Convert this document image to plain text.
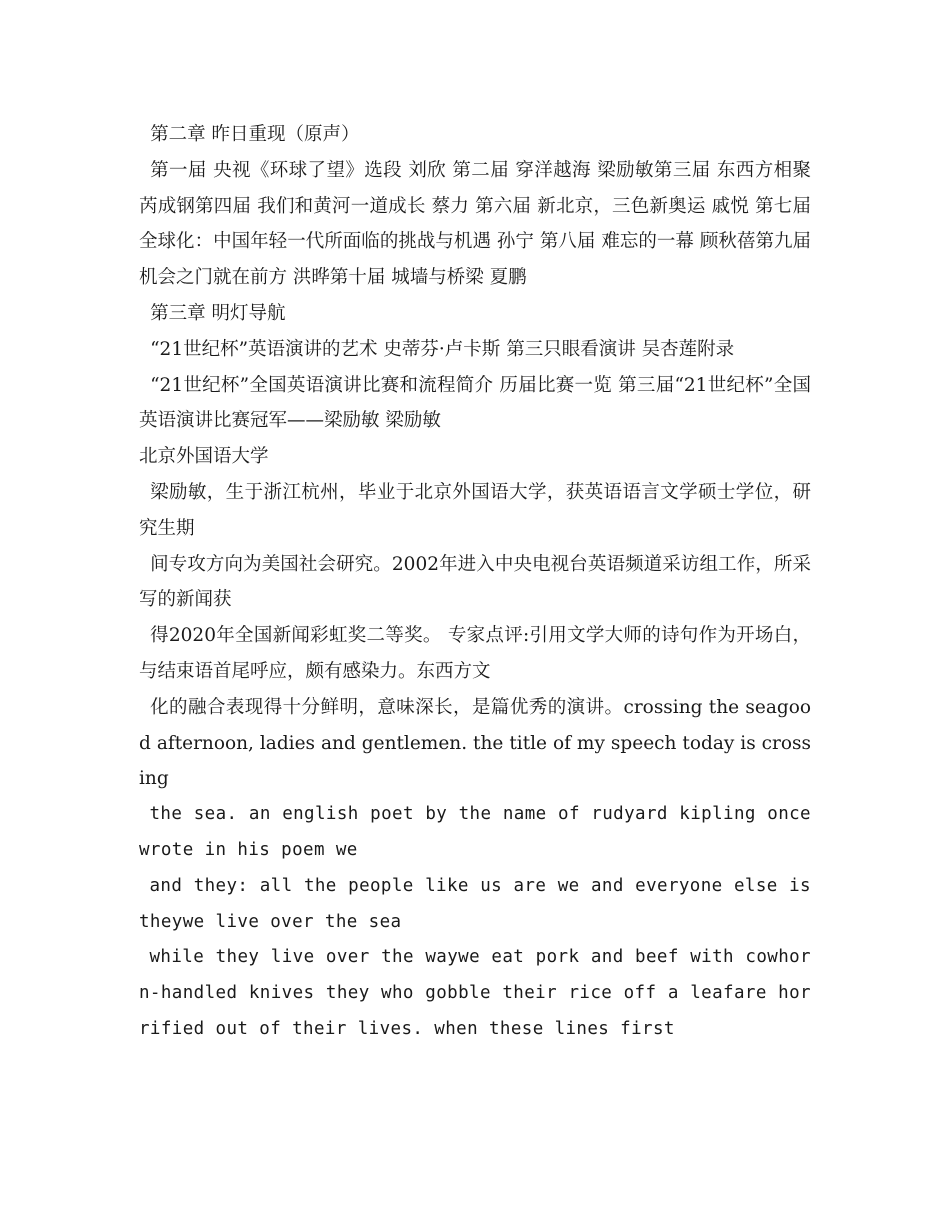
第二章 昨日重现（原声）

第一届 央视《环球了望》选段 刘欣 第二届 穿洋越海 梁励敏第三届 东西方相聚 芮成钢第四届 我们和黄河一道成长 蔡力 第六届 新北京，三色新奥运 戚悦 第七届 全球化：中国年轻一代所面临的挑战与机遇 孙宁 第八届 难忘的一幕 顾秋蓓第九届 机会之门就在前方 洪晔第十届 城墙与桥梁 夏鹏

第三章 明灯导航

“21世纪杯”英语演讲的艺术 史蒂芬·卢卡斯 第三只眼看演讲 吴杏莲附录

“21世纪杯”全国英语演讲比赛和流程简介 历届比赛一览 第三届“21世纪杯”全国英语演讲比赛冠军——梁励敏 梁励敏

北京外国语大学

梁励敏，生于浙江杭州，毕业于北京外国语大学，获英语语言文学硕士学位，研究生期

间专攻方向为美国社会研究。2002年进入中央电视台英语频道采访组工作，所采写的新闻获

得2020年全国新闻彩虹奖二等奖。 专家点评:引用文学大师的诗句作为开场白，与结束语首尾呼应，颇有感染力。东西方文

化的融合表现得十分鲜明，意味深长，是篇优秀的演讲。crossing the seagood afternoon, ladies and gentlemen. the title of my speech today is crossing

the sea. an english poet by the name of rudyard kipling once wrote in his poem we

and they: all the people like us are we and everyone else is theywe live over the sea

while they live over the waywe eat pork and beef with cowhorn-handled knives they who gobble their rice off a leafare horrified out of their lives. when these lines first
